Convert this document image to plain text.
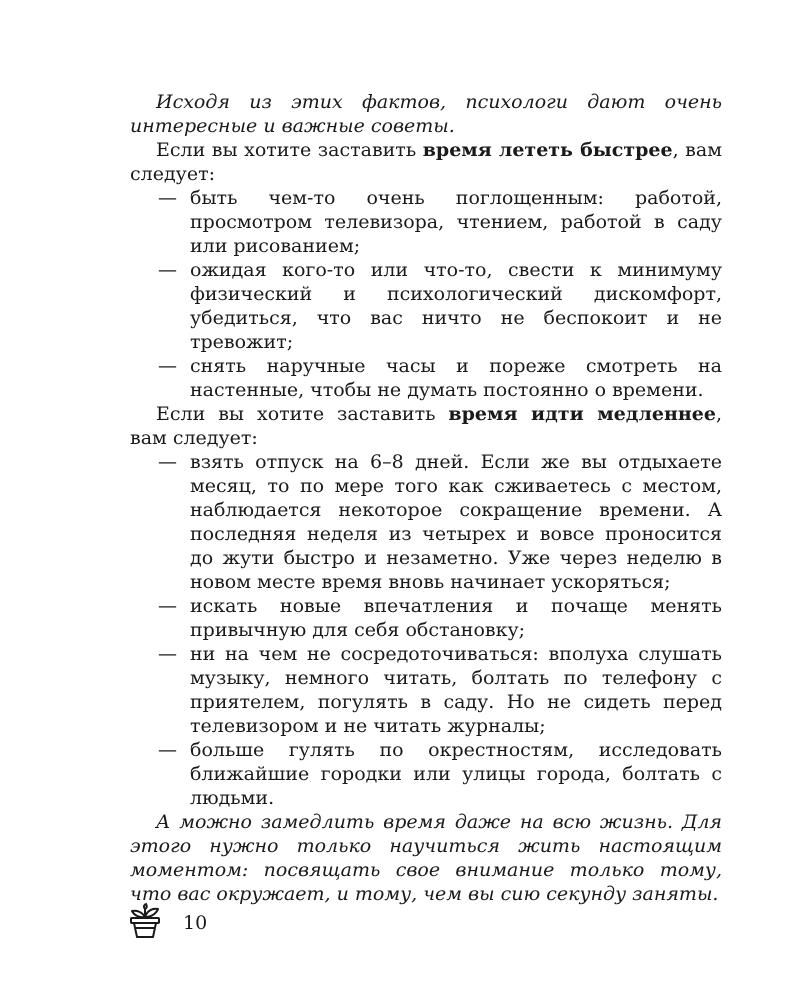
Исходя из этих фактов, психологи дают очень интересные и важные советы.

Если вы хотите заставить время лететь быстрее, вам следует:

— быть чем-то очень поглощенным: работой, просмотром телевизора, чтением, работой в саду или рисованием;
— ожидая кого-то или что-то, свести к минимуму физический и психологический дискомфорт, убедиться, что вас ничто не беспокоит и не тревожит;
— снять наручные часы и пореже смотреть на настенные, чтобы не думать постоянно о времени.

Если вы хотите заставить время идти медленнее, вам следует:

— взять отпуск на 6–8 дней. Если же вы отдыхаете месяц, то по мере того как сживаетесь с местом, наблюдается некоторое сокращение времени. А последняя неделя из четырех и вовсе проносится до жути быстро и незаметно. Уже через неделю в новом месте время вновь начинает ускоряться;
— искать новые впечатления и почаще менять привычную для себя обстановку;
— ни на чем не сосредоточиваться: вполуха слушать музыку, немного читать, болтать по телефону с приятелем, погулять в саду. Но не сидеть перед телевизором и не читать журналы;
— больше гулять по окрестностям, исследовать ближайшие городки или улицы города, болтать с людьми.

А можно замедлить время даже на всю жизнь. Для этого нужно только научиться жить настоящим моментом: посвящать свое внимание только тому, что вас окружает, и тому, чем вы сию секунду заняты.

10
